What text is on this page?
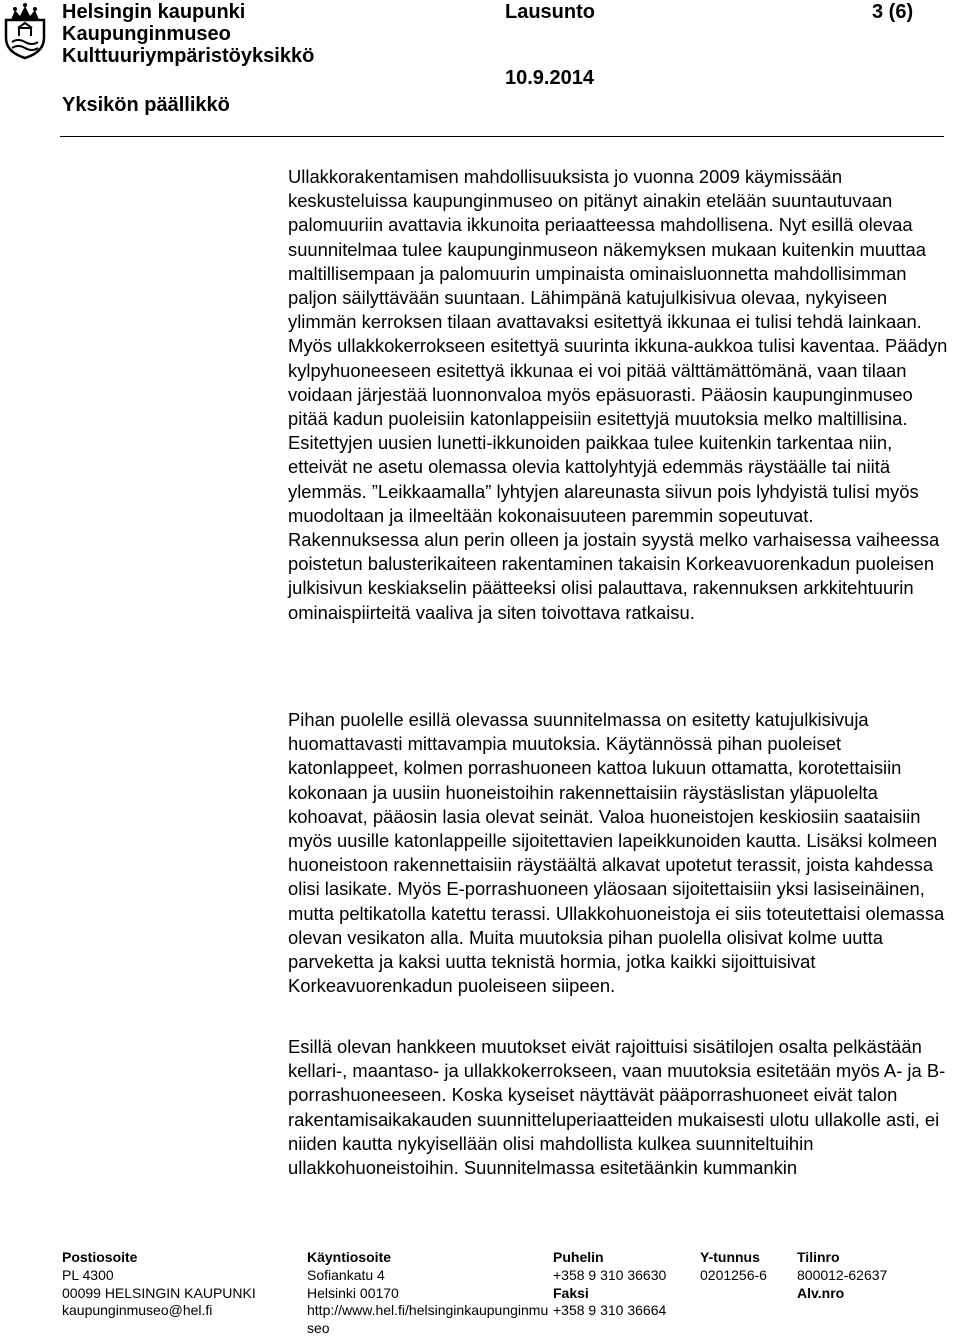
Helsingin kaupunki
Kaupunginmuseo
Kulttuuriympäristöyksikkö
Lausunto	3 (6)
10.9.2014
Yksikön päällikkö

Ullakkorakentamisen mahdollisuuksista jo vuonna 2009 käymissään keskusteluissa kaupunginmuseo on pitänyt ainakin etelään suuntautuvaan palomuuriin avattavia ikkunoita periaatteessa mahdollisena. Nyt esillä olevaa suunnitelmaa tulee kaupunginmuseon näkemyksen mukaan kuitenkin muuttaa maltillisempaan ja palomuurin umpinaista ominaisluonnetta mahdollisimman paljon säilyttävään suuntaan. Lähimpänä katujulkisivua olevaa, nykyiseen ylimmän kerroksen tilaan avattavaksi esitettyä ikkunaa ei tulisi tehdä lainkaan. Myös ullakkokerrokseen esitettyä suurinta ikkuna-aukkoa tulisi kaventaa. Päädyn kylpyhuoneeseen esitettyä ikkunaa ei voi pitää välttämättömänä, vaan tilaan voidaan järjestää luonnonvaloa myös epäsuorasti. Pääosin kaupunginmuseo pitää kadun puoleisiin katonlappeisiin esitettyjä muutoksia melko maltillisina. Esitettyjen uusien lunetti-ikkunoiden paikkaa tulee kuitenkin tarkentaa niin, etteivät ne asetu olemassa olevia kattolyhtyjä edemmäs räystäälle tai niitä ylemmäs. ”Leikkaamalla” lyhtyjen alareunasta siivun pois lyhdyistä tulisi myös muodoltaan ja ilmeeltään kokonaisuuteen paremmin sopeutuvat. Rakennuksessa alun perin olleen ja jostain syystä melko varhaisessa vaiheessa poistetun balusterikaiteen rakentaminen takaisin Korkeavuorenkadun puoleisen julkisivun keskiakselin päätteeksi olisi palauttava, rakennuksen arkkitehtuurin ominaispiirteitä vaaliva ja siten toivottava ratkaisu.

Pihan puolelle esillä olevassa suunnitelmassa on esitetty katujulkisivuja huomattavasti mittavampia muutoksia. Käytännössä pihan puoleiset katonlappeet, kolmen porrashuoneen kattoa lukuun ottamatta, korotettaisiin kokonaan ja uusiin huoneistoihin rakennettaisiin räystäslistan yläpuolelta kohoavat, pääosin lasia olevat seinät. Valoa huoneistojen keskiosiin saataisiin myös uusille katonlappeille sijoitettavien lapeikkunoiden kautta. Lisäksi kolmeen huoneistoon rakennettaisiin räystäältä alkavat upotetut terassit, joista kahdessa olisi lasikate. Myös E-porrashuoneen yläosaan sijoitettaisiin yksi lasiseinäinen, mutta peltikatolla katettu terassi. Ullakkohuoneistoja ei siis toteutettaisi olemassa olevan vesikaton alla. Muita muutoksia pihan puolella olisivat kolme uutta parveketta ja kaksi uutta teknistä hormia, jotka kaikki sijoittuisivat Korkeavuorenkadun puoleiseen siipeen.

Esillä olevan hankkeen muutokset eivät rajoittuisi sisätilojen osalta pelkästään kellari-, maantaso- ja ullakkokerrokseen, vaan muutoksia esitetään myös A- ja B-porrashuoneeseen. Koska kyseiset näyttävät pääporrashuoneet eivät talon rakentamisaikakauden suunnitteluperiaatteiden mukaisesti ulotu ullakolle asti, ei niiden kautta nykyisellään olisi mahdollista kulkea suunniteltuihin ullakkohuoneistoihin. Suunnitelmassa esitetäänkin kummankin

Postiosoite
PL 4300
00099 HELSINGIN KAUPUNKI
kaupunginmuseo@hel.fi
Käyntiosoite
Sofiankatu 4
Helsinki 00170
http://www.hel.fi/helsinginkaupunginmu
seo
Puhelin
+358 9 310 36630
Faksi
+358 9 310 36664
Y-tunnus
0201256-6
Tilinro
800012-62637
Alv.nro
